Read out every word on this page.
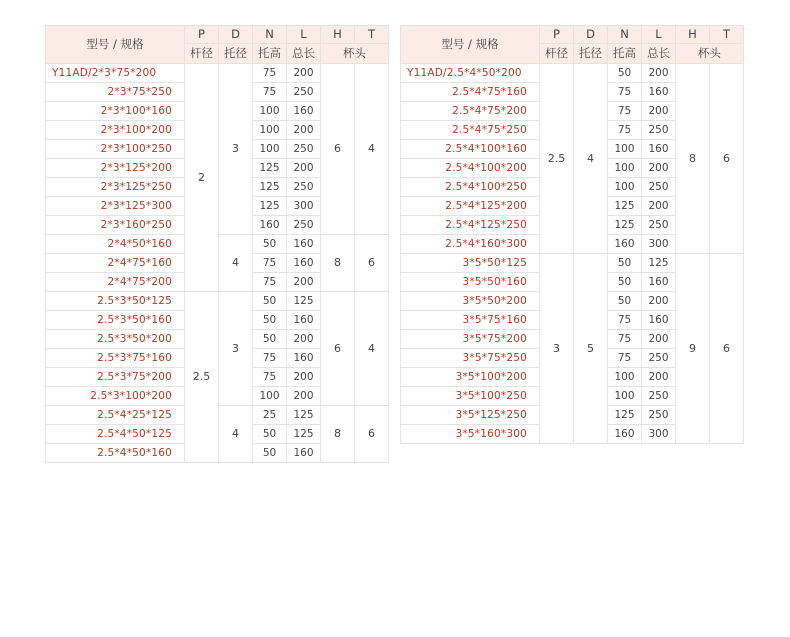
型号 / 规格	P	D	N	L	H	T
	杆径	托径	托高	总长	杯头	
Y11AD/2*3*75*200	2	3	75	200	6	4
2*3*75*250			75	250		
2*3*100*160			100	160		
2*3*100*200			100	200		
2*3*100*250			100	250		
2*3*125*200			125	200		
2*3*125*250			125	250		
2*3*125*300			125	300		
2*3*160*250			160	250		
2*4*50*160		4	50	160	8	6
2*4*75*160			75	160		
2*4*75*200			75	200		
2.5*3*50*125	2.5	3	50	125	6	4
2.5*3*50*160			50	160		
2.5*3*50*200			50	200		
2.5*3*75*160			75	160		
2.5*3*75*200			75	200		
2.5*3*100*200			100	200		
2.5*4*25*125		4	25	125	8	6
2.5*4*50*125			50	125		
2.5*4*50*160			50	160		
型号 / 规格	P	D	N	L	H	T
	杆径	托径	托高	总长	杯头	
Y11AD/2.5*4*50*200	2.5	4	50	200	8	6
2.5*4*75*160			75	160		
2.5*4*75*200			75	200		
2.5*4*75*250			75	250		
2.5*4*100*160			100	160		
2.5*4*100*200			100	200		
2.5*4*100*250			100	250		
2.5*4*125*200			125	200		
2.5*4*125*250			125	250		
2.5*4*160*300			160	300		
3*5*50*125	3	5	50	125	9	6
3*5*50*160			50	160		
3*5*50*200			50	200		
3*5*75*160			75	160		
3*5*75*200			75	200		
3*5*75*250			75	250		
3*5*100*200			100	200		
3*5*100*250			100	250		
3*5*125*250			125	250		
3*5*160*300			160	300		
